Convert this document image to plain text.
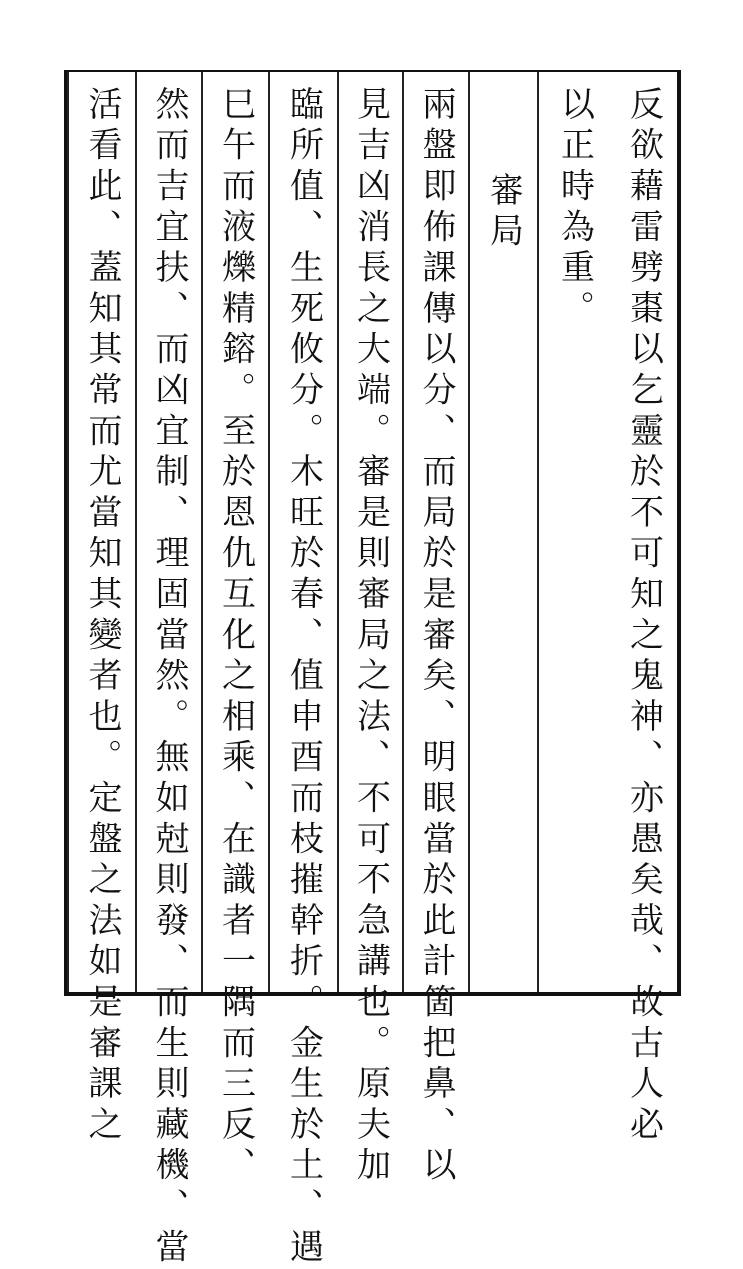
反欲藉雷劈棗以乞靈於不可知之鬼神、亦愚矣哉、故古人必
以正時為重。
審局
兩盤即佈課傳以分、而局於是審矣、明眼當於此計箇把鼻、以
見吉凶消長之大端。審是則審局之法、不可不急講也。原夫加
臨所值、生死攸分。木旺於春、值申酉而枝摧幹折。金生於土、遇
巳午而液爍精鎔。至於恩仇互化之相乘、在識者一隅而三反、
然而吉宜扶、而凶宜制、理固當然。無如尅則發、而生則藏機、當
活看此、蓋知其常而尤當知其變者也。定盤之法如是審課之
